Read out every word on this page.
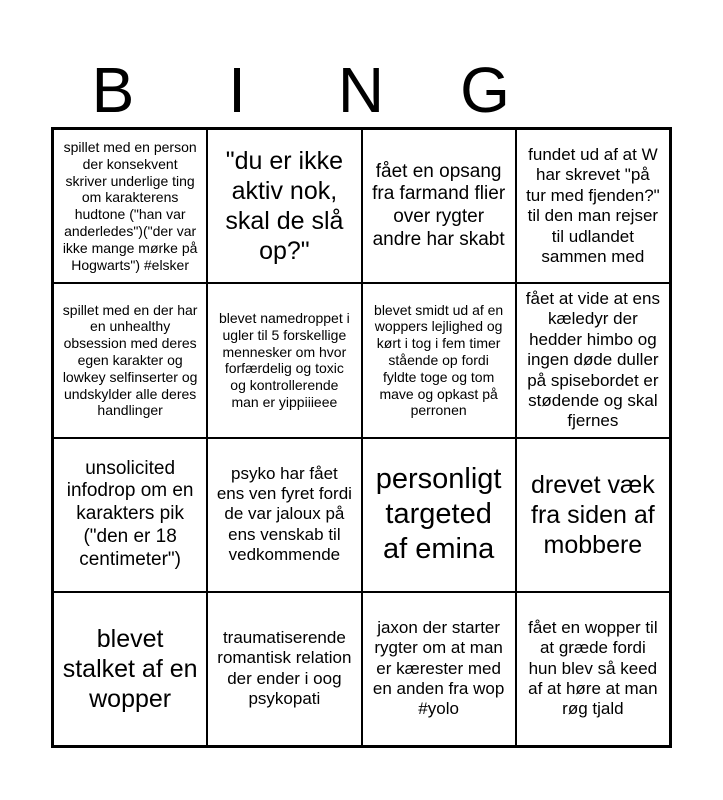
B	I	N	G
spillet med en person der konsekvent skriver underlige ting om karakterens hudtone ("han var anderledes")("der var ikke mange mørke på Hogwarts") #elsker
"du er ikke aktiv nok, skal de slå op?"
fået en opsang fra farmand flier over rygter andre har skabt
fundet ud af at W har skrevet "på tur med fjenden?" til den man rejser til udlandet sammen med
spillet med en der har en unhealthy obsession med deres egen karakter og lowkey selfinserter og undskylder alle deres handlinger
blevet namedroppet i ugler til 5 forskellige mennesker om hvor forfærdelig og toxic og kontrollerende man er yippiiieee
blevet smidt ud af en woppers lejlighed og kørt i tog i fem timer stående op fordi fyldte toge og tom mave og opkast på perronen
fået at vide at ens kæledyr der hedder himbo og ingen døde duller på spisebordet er stødende og skal fjernes
unsolicited infodrop om en karakters pik ("den er 18 centimeter")
psyko har fået ens ven fyret fordi de var jaloux på ens venskab til vedkommende
personligt targeted af emina
drevet væk fra siden af mobbere
blevet stalket af en wopper
traumatiserende romantisk relation der ender i oog psykopati
jaxon der starter rygter om at man er kærester med en anden fra wop #yolo
fået en wopper til at græde fordi hun blev så keed af at høre at man røg tjald
